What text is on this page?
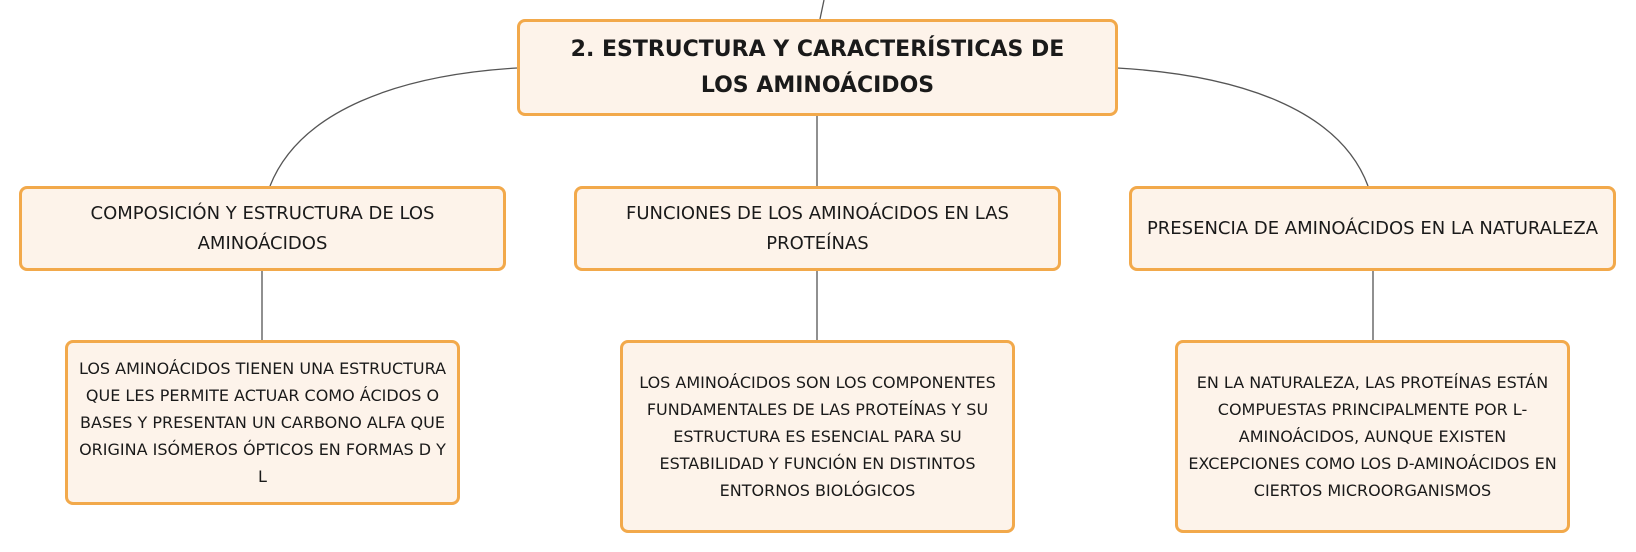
2. ESTRUCTURA Y CARACTERÍSTICAS DE LOS AMINOÁCIDOS
COMPOSICIÓN Y ESTRUCTURA DE LOS AMINOÁCIDOS
FUNCIONES DE LOS AMINOÁCIDOS EN LAS PROTEÍNAS
PRESENCIA DE AMINOÁCIDOS EN LA NATURALEZA
LOS AMINOÁCIDOS TIENEN UNA ESTRUCTURA QUE LES PERMITE ACTUAR COMO ÁCIDOS O BASES Y PRESENTAN UN CARBONO ALFA QUE ORIGINA ISÓMEROS ÓPTICOS EN FORMAS D Y L
LOS AMINOÁCIDOS SON LOS COMPONENTES FUNDAMENTALES DE LAS PROTEÍNAS Y SU ESTRUCTURA ES ESENCIAL PARA SU ESTABILIDAD Y FUNCIÓN EN DISTINTOS ENTORNOS BIOLÓGICOS
EN LA NATURALEZA, LAS PROTEÍNAS ESTÁN COMPUESTAS PRINCIPALMENTE POR L-AMINOÁCIDOS, AUNQUE EXISTEN EXCEPCIONES COMO LOS D-AMINOÁCIDOS EN CIERTOS MICROORGANISMOS
